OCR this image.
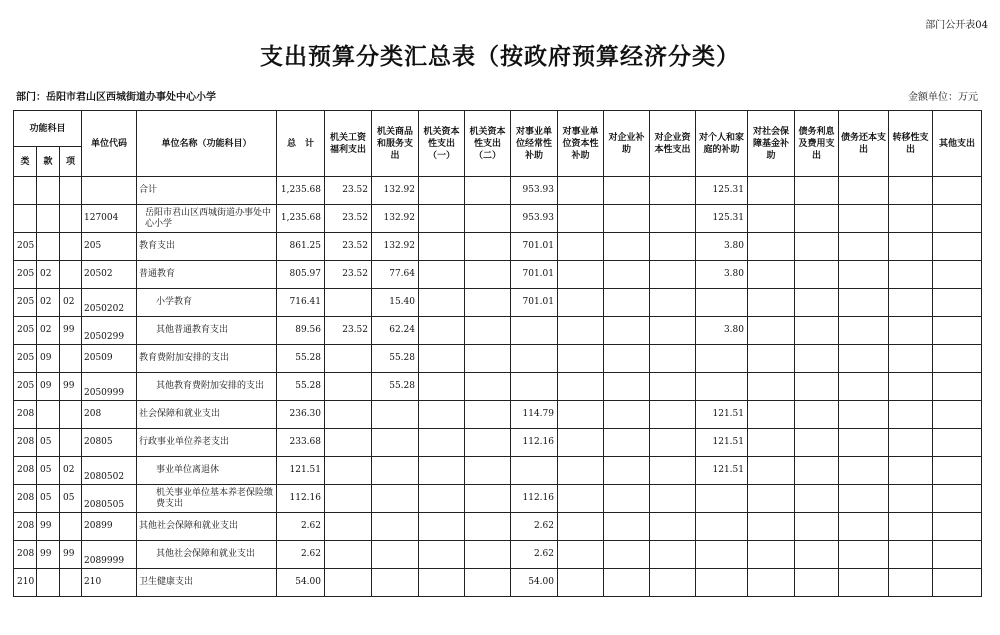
部门公开表04
支出预算分类汇总表（按政府预算经济分类）
部门：岳阳市君山区西城街道办事处中心小学	金额单位：万元
功能科目			单位代码	单位名称（功能科目）	总　计	机关工资福利支出	机关商品和服务支出	机关资本性支出（一）	机关资本性支出（二）	对事业单位经常性补助	对事业单位资本性补助	对企业补助	对企业资本性支出	对个人和家庭的补助	对社会保障基金补助	债务利息及费用支出	债务还本支出	转移性支出	其他支出
类	款	项																	
				合计	1,235.68	23.52	132.92			953.93				125.31					
			127004	岳阳市君山区西城街道办事处中心小学	1,235.68	23.52	132.92			953.93				125.31					
205			205	教育支出	861.25	23.52	132.92			701.01				3.80					
205	02		20502	普通教育	805.97	23.52	77.64			701.01				3.80					
205	02	02	2050202	小学教育	716.41		15.40			701.01									
205	02	99	2050299	其他普通教育支出	89.56	23.52	62.24							3.80					
205	09		20509	教育费附加安排的支出	55.28		55.28												
205	09	99	2050999	其他教育费附加安排的支出	55.28		55.28												
208			208	社会保障和就业支出	236.30					114.79				121.51					
208	05		20805	行政事业单位养老支出	233.68					112.16				121.51					
208	05	02	2080502	事业单位离退休	121.51									121.51					
208	05	05	2080505	机关事业单位基本养老保险缴费支出	112.16					112.16									
208	99		20899	其他社会保障和就业支出	2.62					2.62									
208	99	99	2089999	其他社会保障和就业支出	2.62					2.62									
210			210	卫生健康支出	54.00					54.00									
